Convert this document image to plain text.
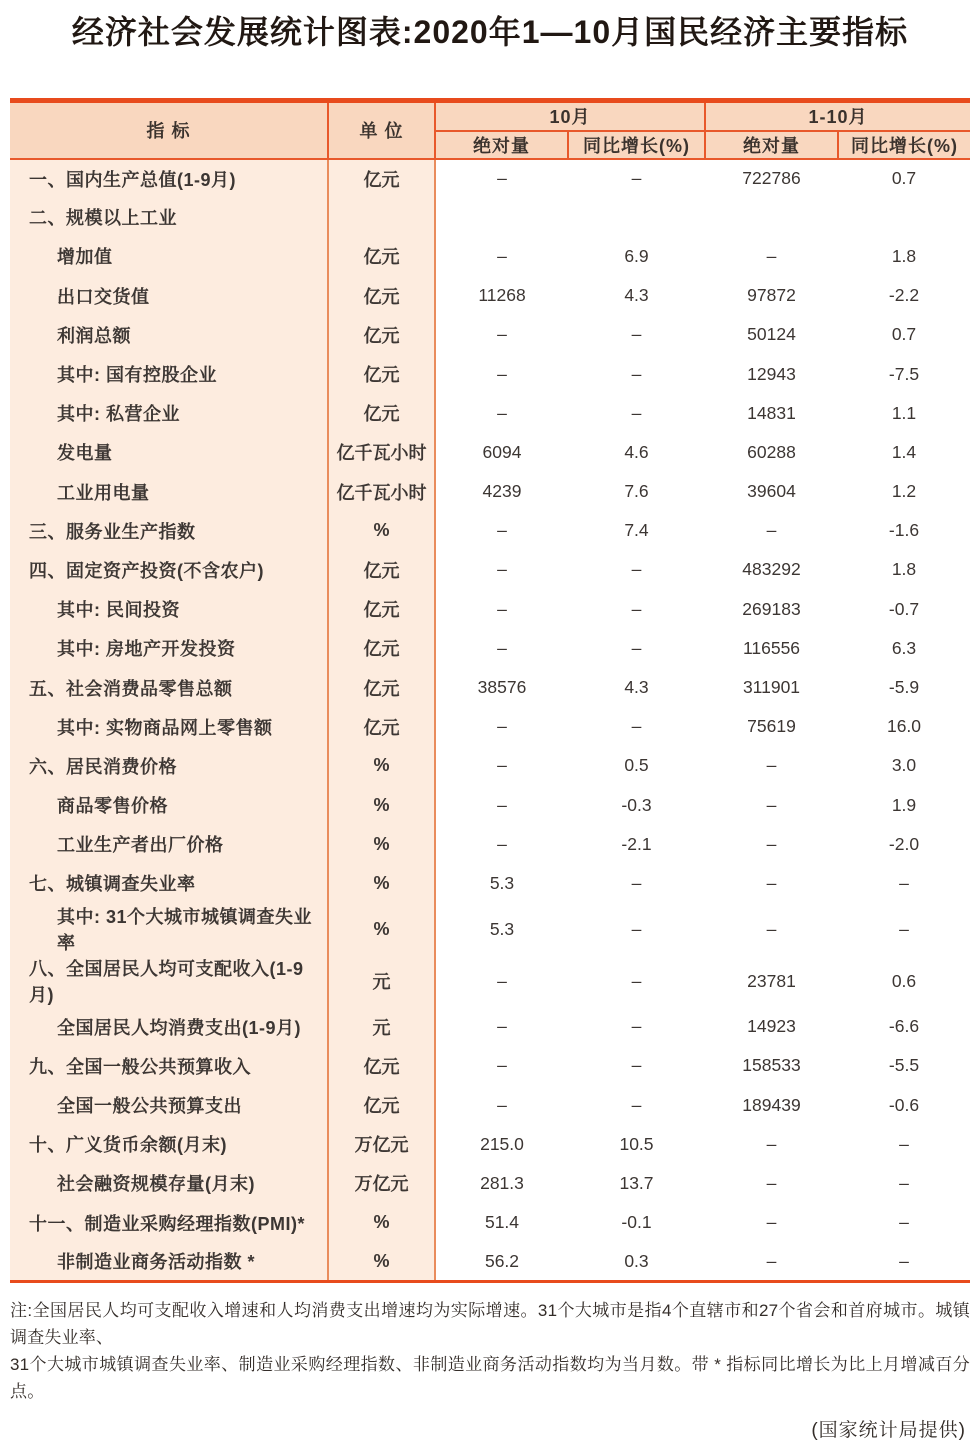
经济社会发展统计图表:2020年1—10月国民经济主要指标
指 标	单 位	10月		1-10月	
		绝对量	同比增长(%)	绝对量	同比增长(%)
一、国内生产总值(1-9月)	亿元	–	–	722786	0.7
二、规模以上工业					
增加值	亿元	–	6.9	–	1.8
出口交货值	亿元	11268	4.3	97872	-2.2
利润总额	亿元	–	–	50124	0.7
其中: 国有控股企业	亿元	–	–	12943	-7.5
其中: 私营企业	亿元	–	–	14831	1.1
发电量	亿千瓦小时	6094	4.6	60288	1.4
工业用电量	亿千瓦小时	4239	7.6	39604	1.2
三、服务业生产指数	%	–	7.4	–	-1.6
四、固定资产投资(不含农户)	亿元	–	–	483292	1.8
其中: 民间投资	亿元	–	–	269183	-0.7
其中: 房地产开发投资	亿元	–	–	116556	6.3
五、社会消费品零售总额	亿元	38576	4.3	311901	-5.9
其中: 实物商品网上零售额	亿元	–	–	75619	16.0
六、居民消费价格	%	–	0.5	–	3.0
商品零售价格	%	–	-0.3	–	1.9
工业生产者出厂价格	%	–	-2.1	–	-2.0
七、城镇调查失业率	%	5.3	–	–	–
其中: 31个大城市城镇调查失业率	%	5.3	–	–	–
八、全国居民人均可支配收入(1-9月)	元	–	–	23781	0.6
全国居民人均消费支出(1-9月)	元	–	–	14923	-6.6
九、全国一般公共预算收入	亿元	–	–	158533	-5.5
全国一般公共预算支出	亿元	–	–	189439	-0.6
十、广义货币余额(月末)	万亿元	215.0	10.5	–	–
社会融资规模存量(月末)	万亿元	281.3	13.7	–	–
十一、制造业采购经理指数(PMI)*	%	51.4	-0.1	–	–
非制造业商务活动指数 *	%	56.2	0.3	–	–
注:全国居民人均可支配收入增速和人均消费支出增速均为实际增速。31个大城市是指4个直辖市和27个省会和首府城市。城镇调查失业率、
31个大城市城镇调查失业率、制造业采购经理指数、非制造业商务活动指数均为当月数。带 * 指标同比增长为比上月增减百分点。
(国家统计局提供)
